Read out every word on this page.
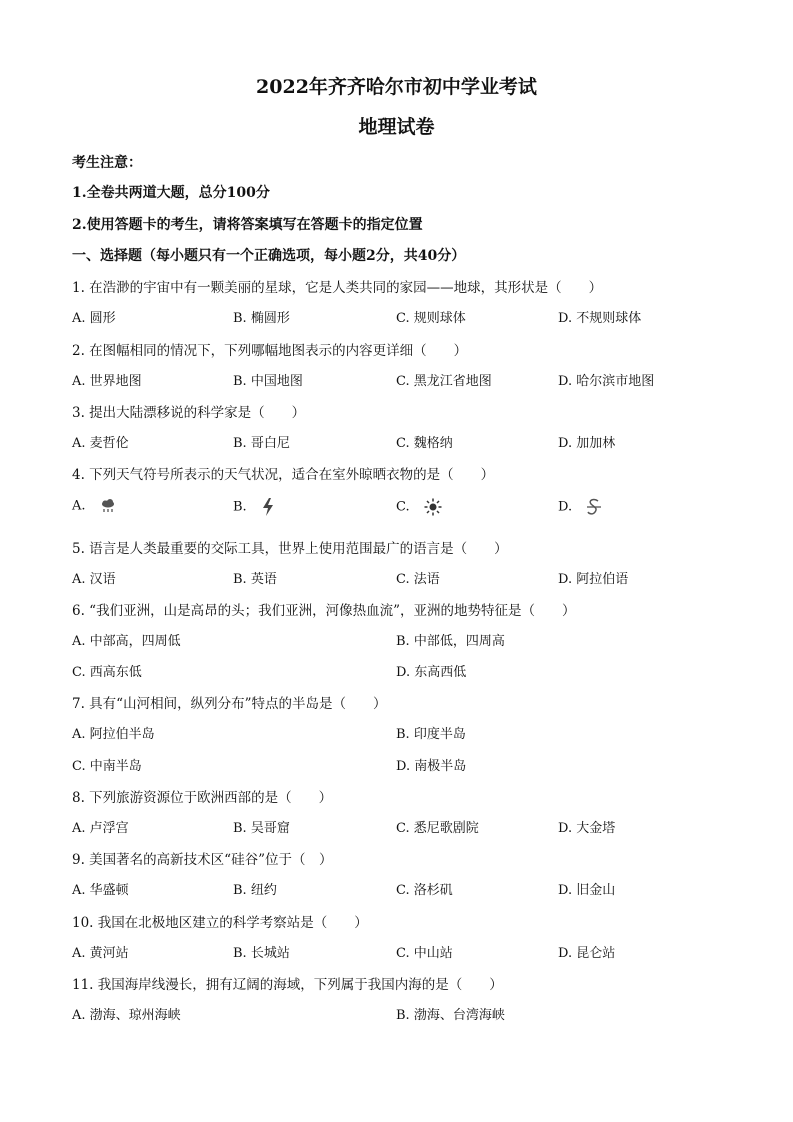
2022年齐齐哈尔市初中学业考试
地理试卷
考生注意：
1.全卷共两道大题，总分100分
2.使用答题卡的考生，请将答案填写在答题卡的指定位置
一、选择题（每小题只有一个正确选项，每小题2分，共40分）
1. 在浩渺的宇宙中有一颗美丽的星球，它是人类共同的家园——地球，其形状是（　　）
A. 圆形	B. 椭圆形	C. 规则球体	D. 不规则球体
2. 在图幅相同的情况下，下列哪幅地图表示的内容更详细（　　）
A. 世界地图	B. 中国地图	C. 黑龙江省地图	D. 哈尔滨市地图
3. 提出大陆漂移说的科学家是（　　）
A. 麦哲伦	B. 哥白尼	C. 魏格纳	D. 加加林
4. 下列天气符号所表示的天气状况，适合在室外晾晒衣物的是（　　）
A.	B.	C.	D.
5. 语言是人类最重要的交际工具，世界上使用范围最广的语言是（　　）
A. 汉语	B. 英语	C. 法语	D. 阿拉伯语
6. “我们亚洲，山是高昂的头；我们亚洲，河像热血流”，亚洲的地势特征是（　　）
A. 中部高，四周低	B. 中部低，四周高
C. 西高东低	D. 东高西低
7. 具有“山河相间，纵列分布”特点的半岛是（　　）
A. 阿拉伯半岛	B. 印度半岛
C. 中南半岛	D. 南极半岛
8. 下列旅游资源位于欧洲西部的是（　　）
A. 卢浮宫	B. 吴哥窟	C. 悉尼歌剧院	D. 大金塔
9. 美国著名的高新技术区“硅谷”位于（　）
A. 华盛顿	B. 纽约	C. 洛杉矶	D. 旧金山
10. 我国在北极地区建立的科学考察站是（　　）
A. 黄河站	B. 长城站	C. 中山站	D. 昆仑站
11. 我国海岸线漫长，拥有辽阔的海域，下列属于我国内海的是（　　）
A. 渤海、琼州海峡	B. 渤海、台湾海峡
